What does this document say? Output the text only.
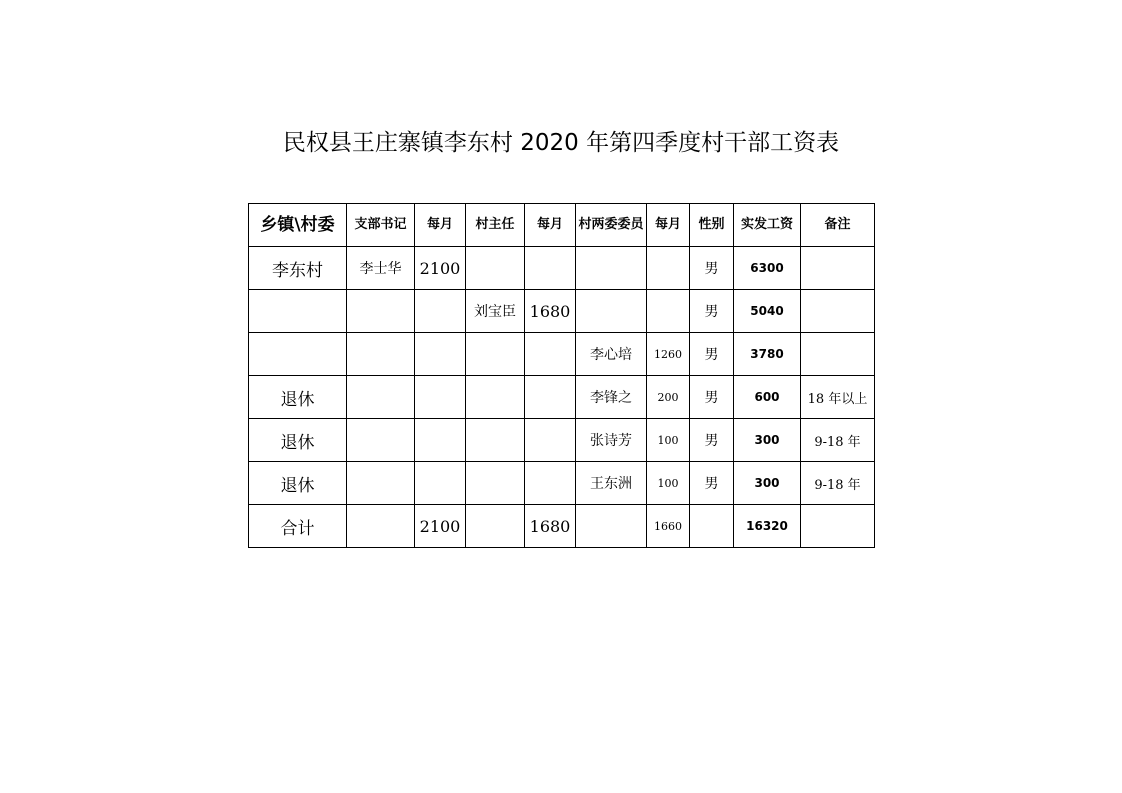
民权县王庄寨镇李东村 2020 年第四季度村干部工资表
乡镇\村委	支部书记	每月	村主任	每月	村两委委员	每月	性别	实发工资	备注
李东村	李士华	2100					男	6300	
			刘宝臣	1680			男	5040	
					李心培	1260	男	3780	
退休					李锋之	200	男	600	18 年以上
退休					张诗芳	100	男	300	9-18 年
退休					王东洲	100	男	300	9-18 年
合计		2100		1680		1660		16320	
